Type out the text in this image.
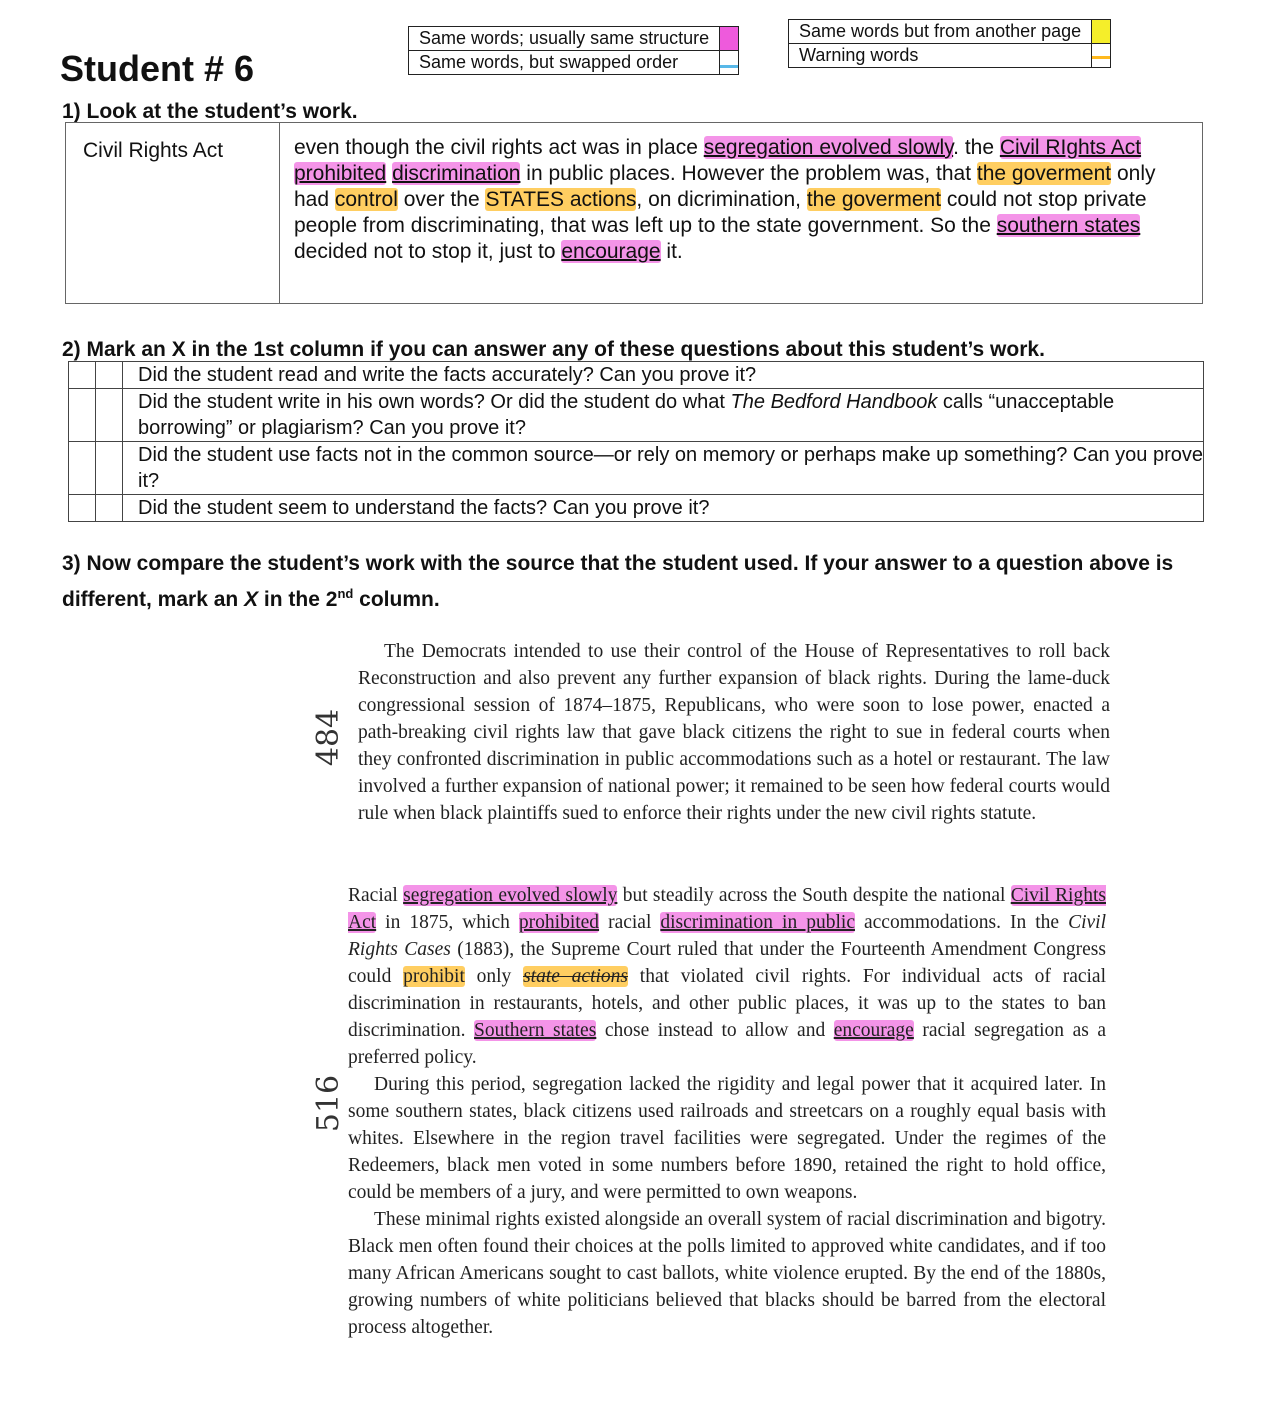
Student # 6
Same words; usually same structure	
Same words, but swapped order	
Same words but from another page	
Warning words	
1) Look at the student’s work.
Civil Rights Act	even though the civil rights act was in place segregation evolved slowly. the Civil RIghts Act prohibited discrimination in public places. However the problem was, that the goverment only had control over the STATES actions, on dicrimination, the goverment could not stop private people from discriminating, that was left up to the state government. So the southern states decided not to stop it, just to encourage it.
2) Mark an X in the 1st column if you can answer any of these questions about this student’s work.
		Did the student read and write the facts accurately? Can you prove it?
		Did the student write in his own words? Or did the student do what The Bedford Handbook calls “unacceptable borrowing” or plagiarism? Can you prove it?
		Did the student use facts not in the common source—or rely on memory or perhaps make up something? Can you prove it?
		Did the student seem to understand the facts? Can you prove it?
3) Now compare the student’s work with the source that the student used. If your answer to a question above is different, mark an X in the 2nd column.
484
516

The Democrats intended to use their control of the House of Representatives to roll back Reconstruction and also prevent any further expansion of black rights. During the lame-duck congressional session of 1874–1875, Republicans, who were soon to lose power, enacted a path-breaking civil rights law that gave black citizens the right to sue in federal courts when they confronted discrimination in public accommodations such as a hotel or restaurant. The law involved a further expansion of national power; it remained to be seen how federal courts would rule when black plaintiffs sued to enforce their rights under the new civil rights statute.

Racial segregation evolved slowly but steadily across the South despite the national Civil Rights Act in 1875, which prohibited racial discrimination in public accommodations. In the Civil Rights Cases (1883), the Supreme Court ruled that under the Fourteenth Amendment Congress could prohibit only state actions that violated civil rights. For individual acts of racial discrimination in restaurants, hotels, and other public places, it was up to the states to ban discrimination. Southern states chose instead to allow and encourage racial segregation as a preferred policy.

During this period, segregation lacked the rigidity and legal power that it acquired later. In some southern states, black citizens used railroads and streetcars on a roughly equal basis with whites. Elsewhere in the region travel facilities were segregated. Under the regimes of the Redeemers, black men voted in some numbers before 1890, retained the right to hold office, could be members of a jury, and were permitted to own weapons.

These minimal rights existed alongside an overall system of racial discrimination and bigotry. Black men often found their choices at the polls limited to approved white candidates, and if too many African Americans sought to cast ballots, white violence erupted. By the end of the 1880s, growing numbers of white politicians believed that blacks should be barred from the electoral process altogether.
